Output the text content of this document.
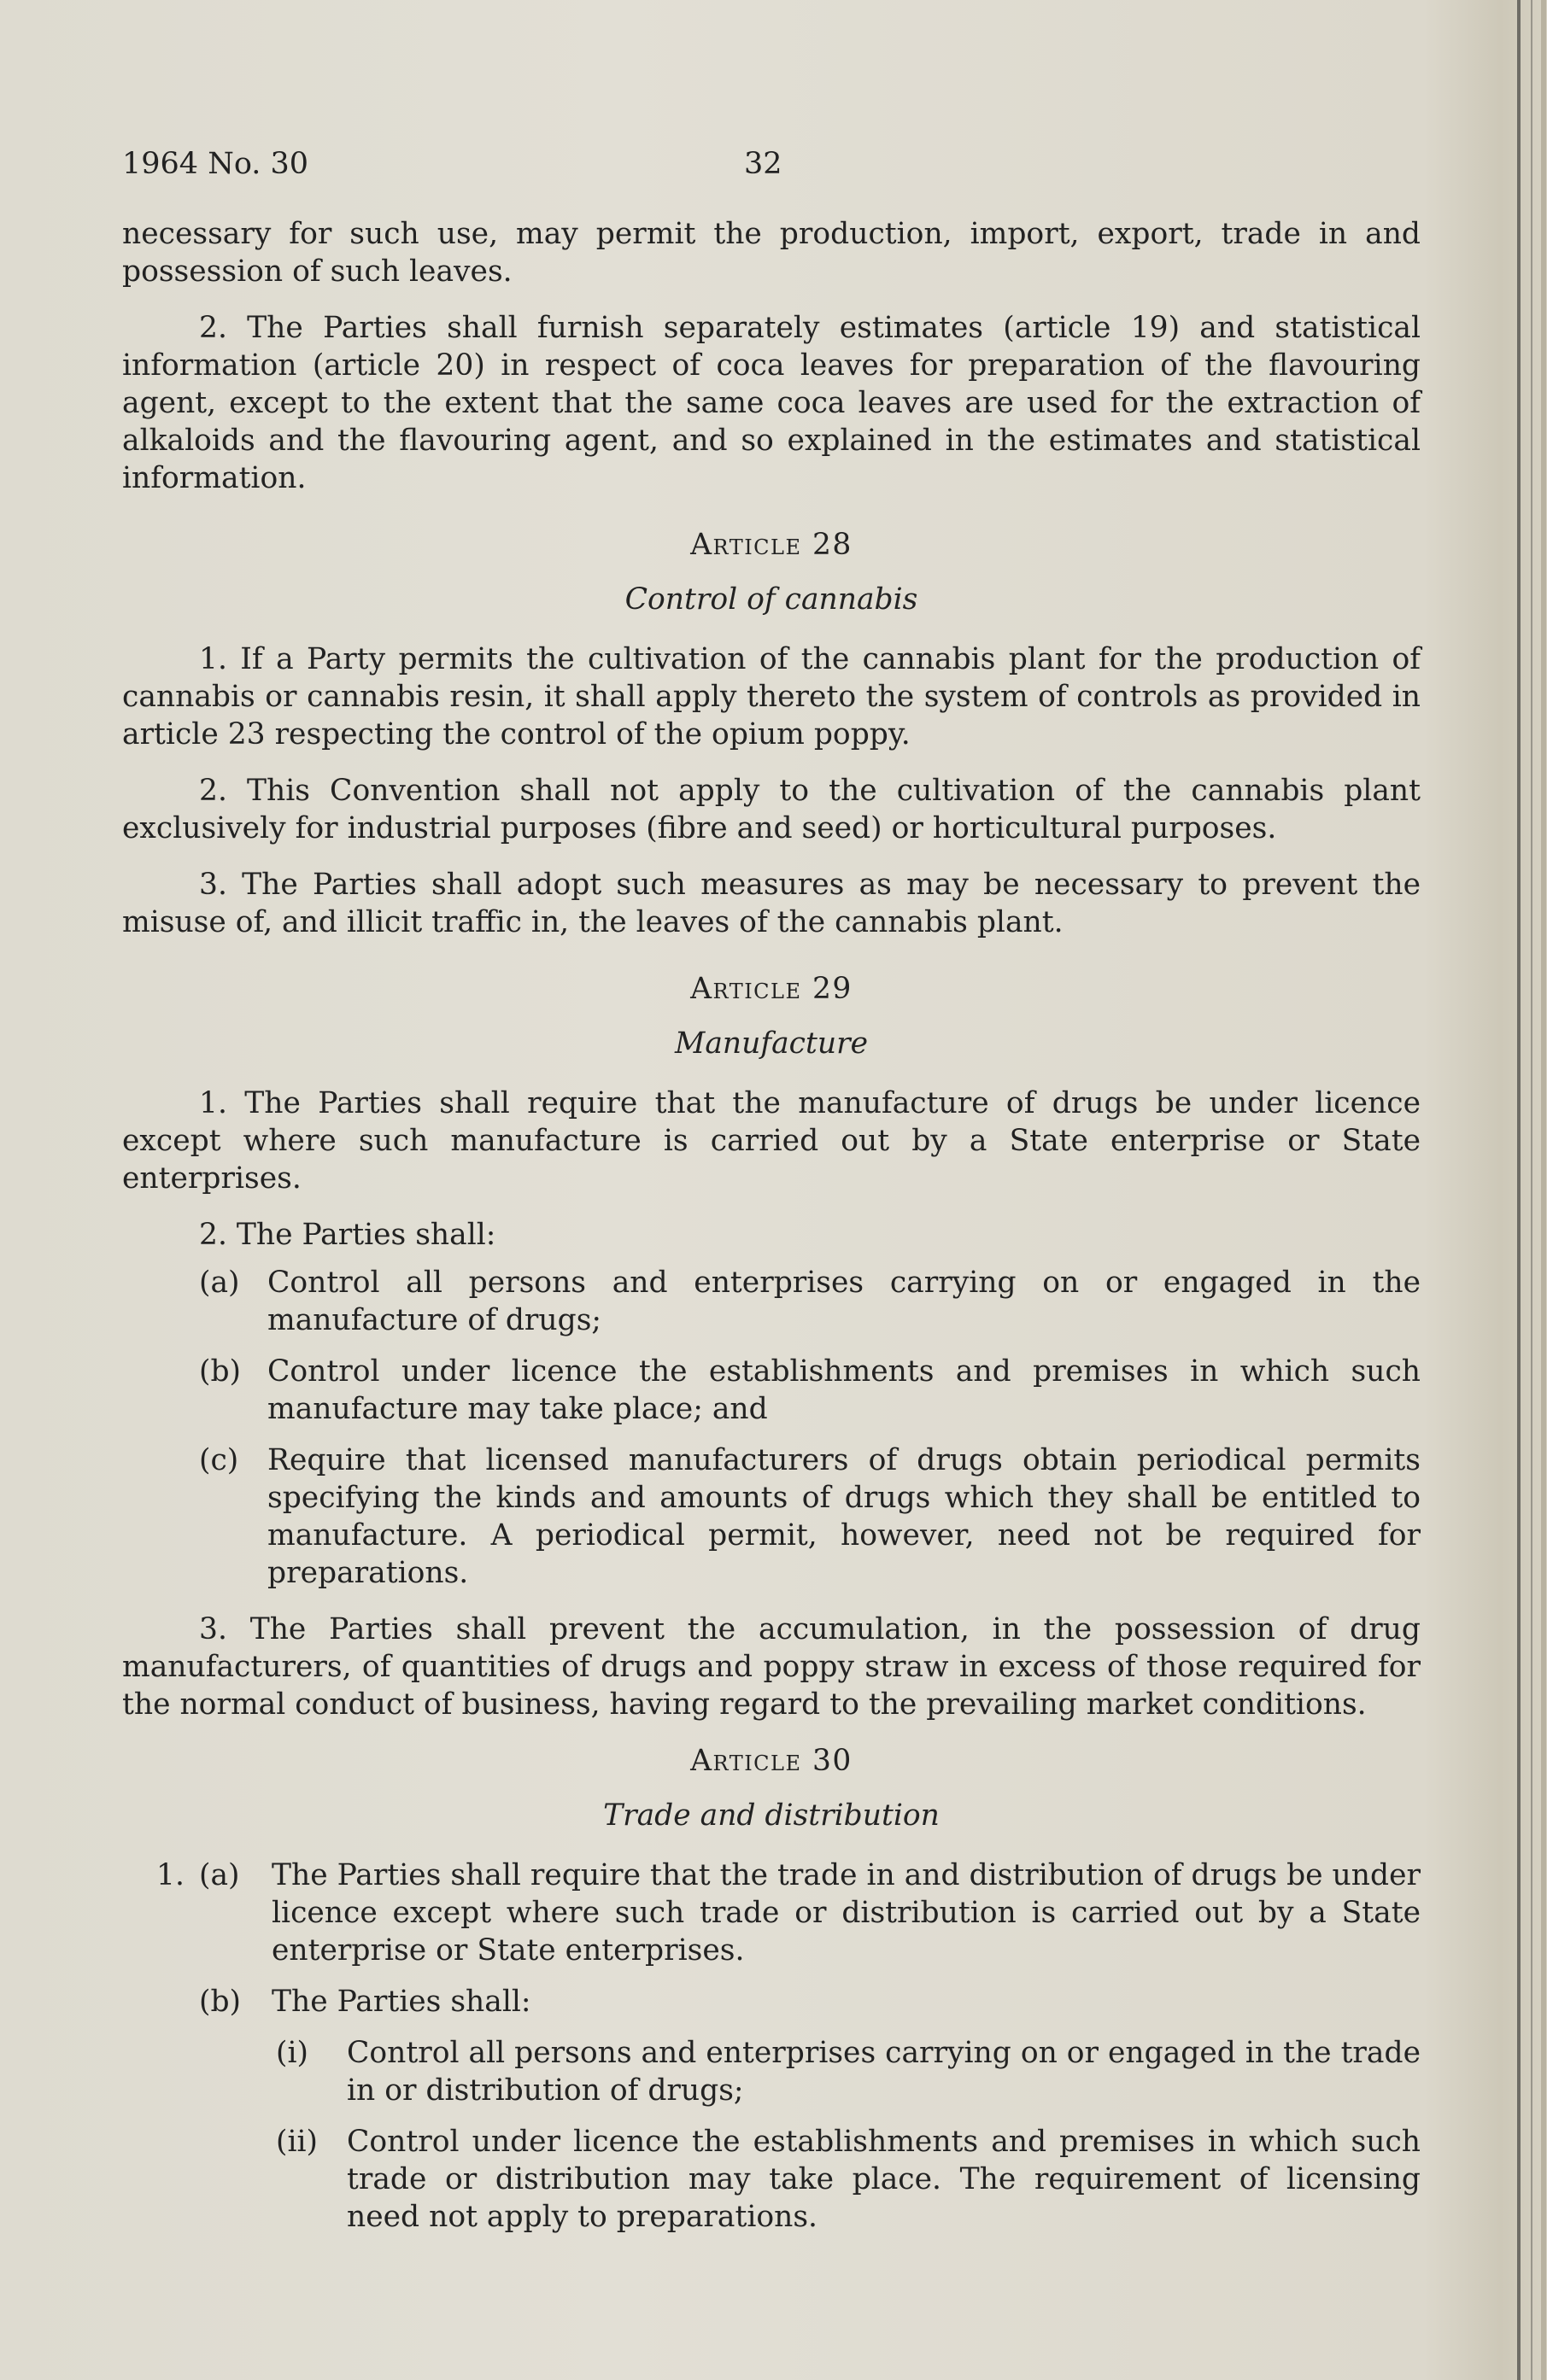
1964 No. 30	32

necessary for such use, may permit the production, import, export, trade in and possession of such leaves.

2. The Parties shall furnish separately estimates (article 19) and statistical information (article 20) in respect of coca leaves for preparation of the flavouring agent, except to the extent that the same coca leaves are used for the extraction of alkaloids and the flavouring agent, and so explained in the estimates and statistical information.

Article 28

Control of cannabis

1. If a Party permits the cultivation of the cannabis plant for the production of cannabis or cannabis resin, it shall apply thereto the system of controls as provided in article 23 respecting the control of the opium poppy.

2. This Convention shall not apply to the cultivation of the cannabis plant exclusively for industrial purposes (fibre and seed) or horticultural purposes.

3. The Parties shall adopt such measures as may be necessary to prevent the misuse of, and illicit traffic in, the leaves of the cannabis plant.

Article 29

Manufacture

1. The Parties shall require that the manufacture of drugs be under licence except where such manufacture is carried out by a State enterprise or State enterprises.

2. The Parties shall:

(a) Control all persons and enterprises carrying on or engaged in the manufacture of drugs;
(b) Control under licence the establishments and premises in which such manufacture may take place; and
(c) Require that licensed manufacturers of drugs obtain periodical permits specifying the kinds and amounts of drugs which they shall be entitled to manufacture. A periodical permit, however, need not be required for preparations.

3. The Parties shall prevent the accumulation, in the possession of drug manufacturers, of quantities of drugs and poppy straw in excess of those required for the normal conduct of business, having regard to the prevailing market conditions.

Article 30

Trade and distribution

1. (a) The Parties shall require that the trade in and distribution of drugs be under licence except where such trade or distribution is carried out by a State enterprise or State enterprises.
(b) The Parties shall:
(i) Control all persons and enterprises carrying on or engaged in the trade in or distribution of drugs;
(ii) Control under licence the establishments and premises in which such trade or distribution may take place. The requirement of licensing need not apply to preparations.
